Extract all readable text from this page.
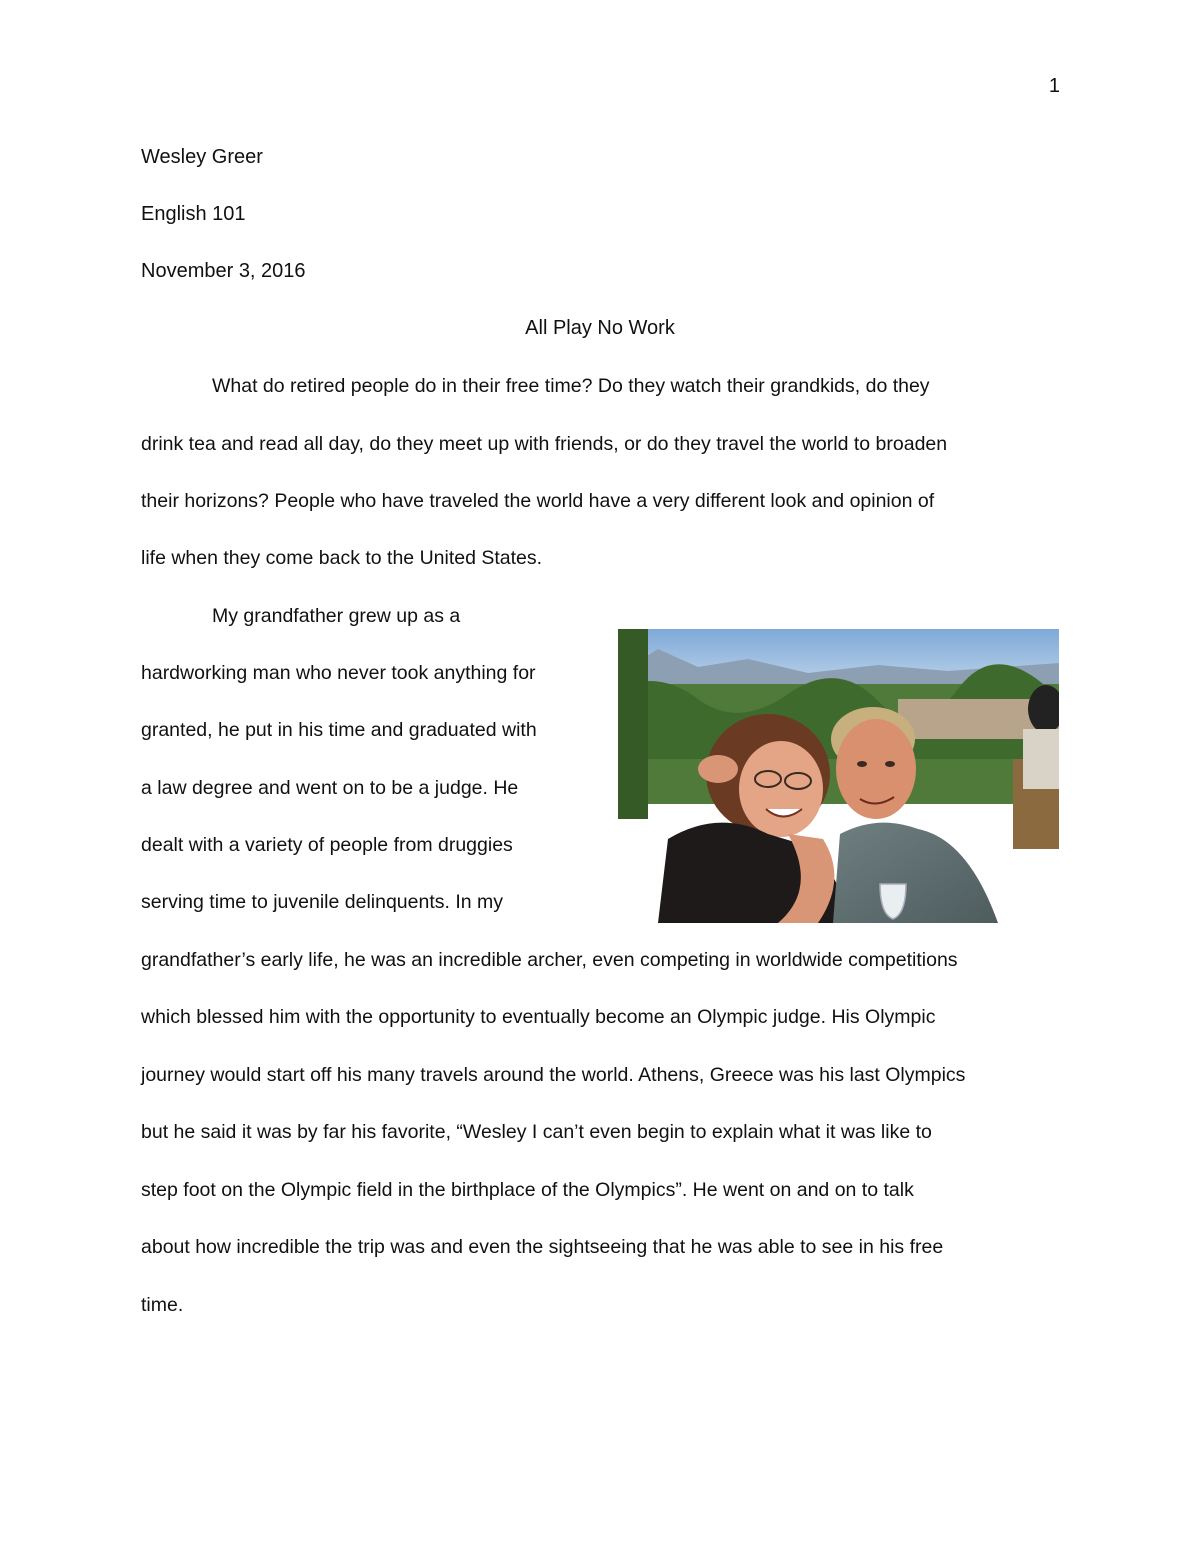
1
Wesley Greer
English 101
November 3, 2016
All Play No Work
What do retired people do in their free time? Do they watch their grandkids, do they
drink tea and read all day, do they meet up with friends, or do they travel the world to broaden
their horizons? People who have traveled the world have a very different look and opinion of
life when they come back to the United States.
My grandfather grew up as a
hardworking man who never took anything for
granted, he put in his time and graduated with
a law degree and went on to be a judge. He
dealt with a variety of people from druggies
serving time to juvenile delinquents. In my
grandfather’s early life, he was an incredible archer, even competing in worldwide competitions
which blessed him with the opportunity to eventually become an Olympic judge. His Olympic
journey would start off his many travels around the world. Athens, Greece was his last Olympics
but he said it was by far his favorite, “Wesley I can’t even begin to explain what it was like to
step foot on the Olympic field in the birthplace of the Olympics”. He went on and on to talk
about how incredible the trip was and even the sightseeing that he was able to see in his free
time.
